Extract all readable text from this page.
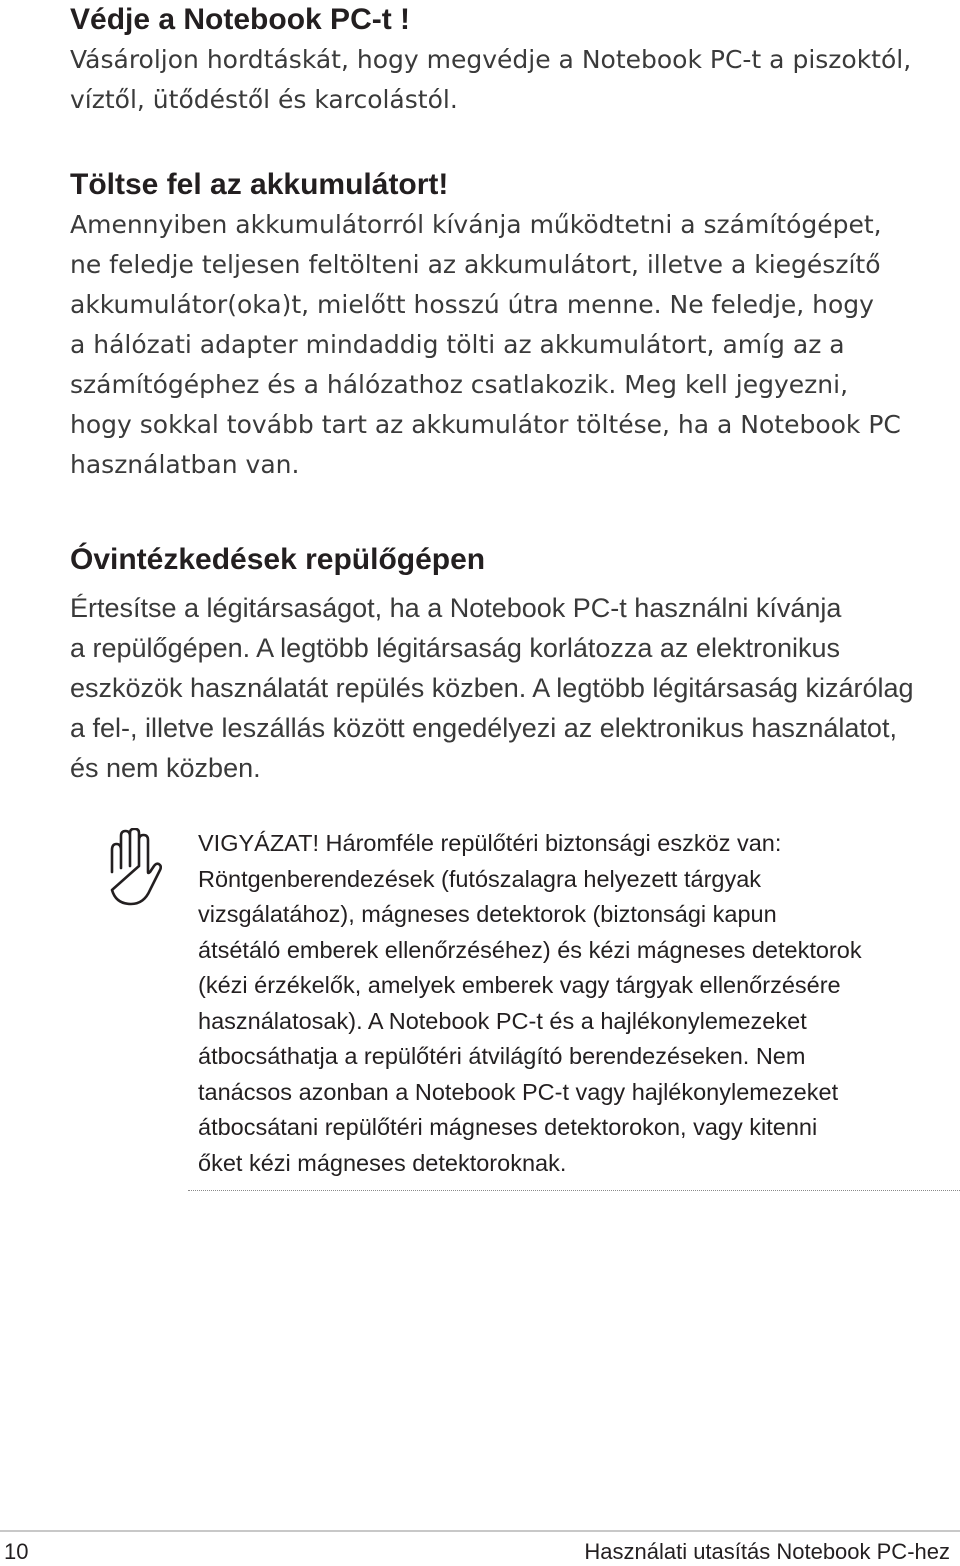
Védje a Notebook PC-t !
Vásároljon hordtáskát, hogy megvédje a Notebook PC-t a piszoktól,
víztől, ütődéstől és karcolástól.
Töltse fel az akkumulátort!
Amennyiben akkumulátorról kívánja működtetni a számítógépet,
ne feledje teljesen feltölteni az akkumulátort, illetve a kiegészítő
akkumulátor(oka)t, mielőtt hosszú útra menne. Ne feledje, hogy
a hálózati adapter mindaddig tölti az akkumulátort, amíg az a
számítógéphez és a hálózathoz csatlakozik. Meg kell jegyezni,
hogy sokkal tovább tart az akkumulátor töltése, ha a Notebook PC
használatban van.
Óvintézkedések repülőgépen
Értesítse a légitársaságot, ha a Notebook PC-t használni kívánja
a repülőgépen. A legtöbb légitársaság korlátozza az elektronikus
eszközök használatát repülés közben. A legtöbb légitársaság kizárólag
a fel-, illetve leszállás között engedélyezi az elektronikus használatot,
és nem közben.
VIGYÁZAT! Háromféle repülőtéri biztonsági eszköz van:
Röntgenberendezések (futószalagra helyezett tárgyak
vizsgálatához), mágneses detektorok (biztonsági kapun
átsétáló emberek ellenőrzéséhez) és kézi mágneses detektorok
(kézi érzékelők, amelyek emberek vagy tárgyak ellenőrzésére
használatosak). A Notebook PC-t és a hajlékonylemezeket
átbocsáthatja a repülőtéri átvilágító berendezéseken. Nem
tanácsos azonban a Notebook PC-t vagy hajlékonylemezeket
átbocsátani repülőtéri mágneses detektorokon, vagy kitenni
őket kézi mágneses detektoroknak.
10	Használati utasítás Notebook PC-hez
